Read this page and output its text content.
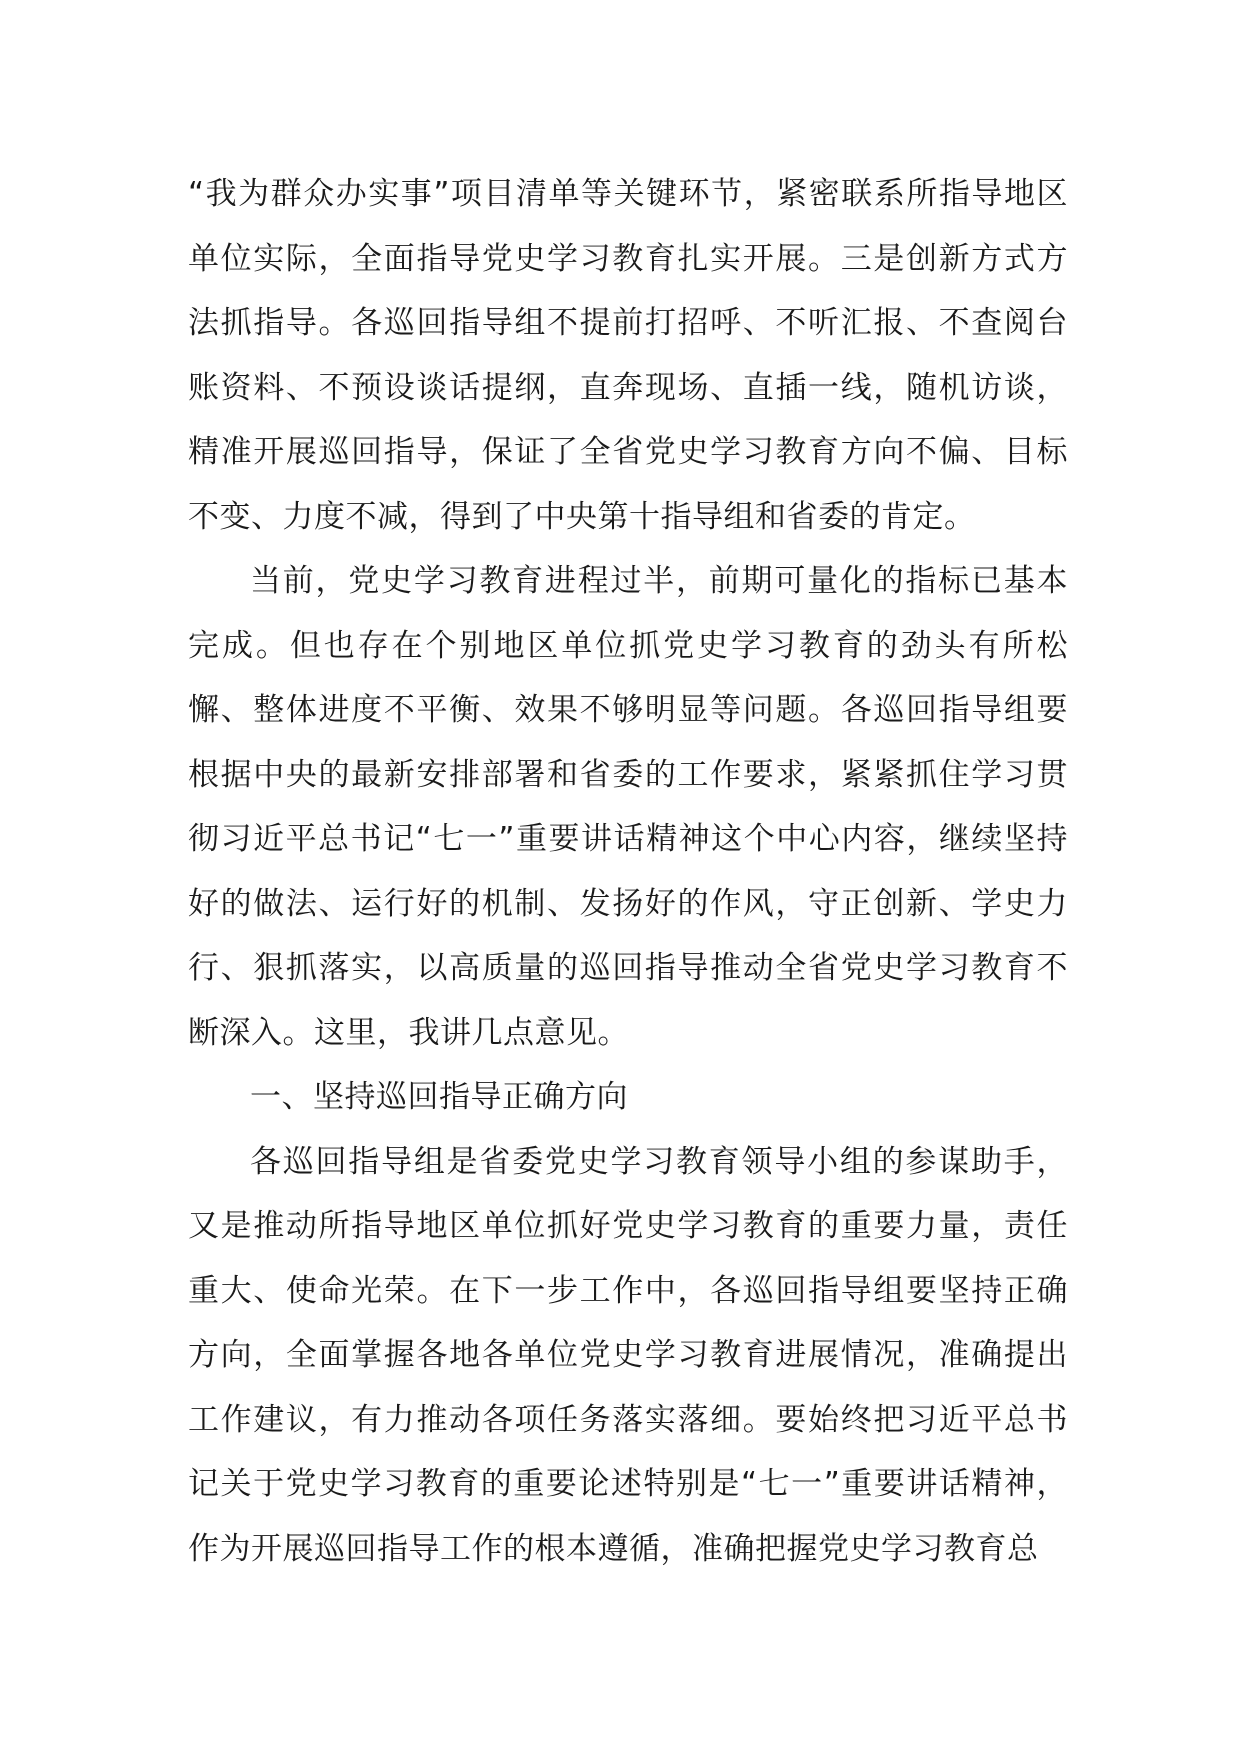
“我为群众办实事”项目清单等关键环节，紧密联系所指导地区单位实际，全面指导党史学习教育扎实开展。三是创新方式方法抓指导。各巡回指导组不提前打招呼、不听汇报、不查阅台账资料、不预设谈话提纲，直奔现场、直插一线，随机访谈，精准开展巡回指导，保证了全省党史学习教育方向不偏、目标不变、力度不减，得到了中央第十指导组和省委的肯定。

当前，党史学习教育进程过半，前期可量化的指标已基本完成。但也存在个别地区单位抓党史学习教育的劲头有所松懈、整体进度不平衡、效果不够明显等问题。各巡回指导组要根据中央的最新安排部署和省委的工作要求，紧紧抓住学习贯彻习近平总书记“七一”重要讲话精神这个中心内容，继续坚持好的做法、运行好的机制、发扬好的作风，守正创新、学史力行、狠抓落实，以高质量的巡回指导推动全省党史学习教育不断深入。这里，我讲几点意见。

一、坚持巡回指导正确方向

各巡回指导组是省委党史学习教育领导小组的参谋助手，又是推动所指导地区单位抓好党史学习教育的重要力量，责任重大、使命光荣。在下一步工作中，各巡回指导组要坚持正确方向，全面掌握各地各单位党史学习教育进展情况，准确提出工作建议，有力推动各项任务落实落细。要始终把习近平总书记关于党史学习教育的重要论述特别是“七一”重要讲话精神，作为开展巡回指导工作的根本遵循，准确把握党史学习教育总
